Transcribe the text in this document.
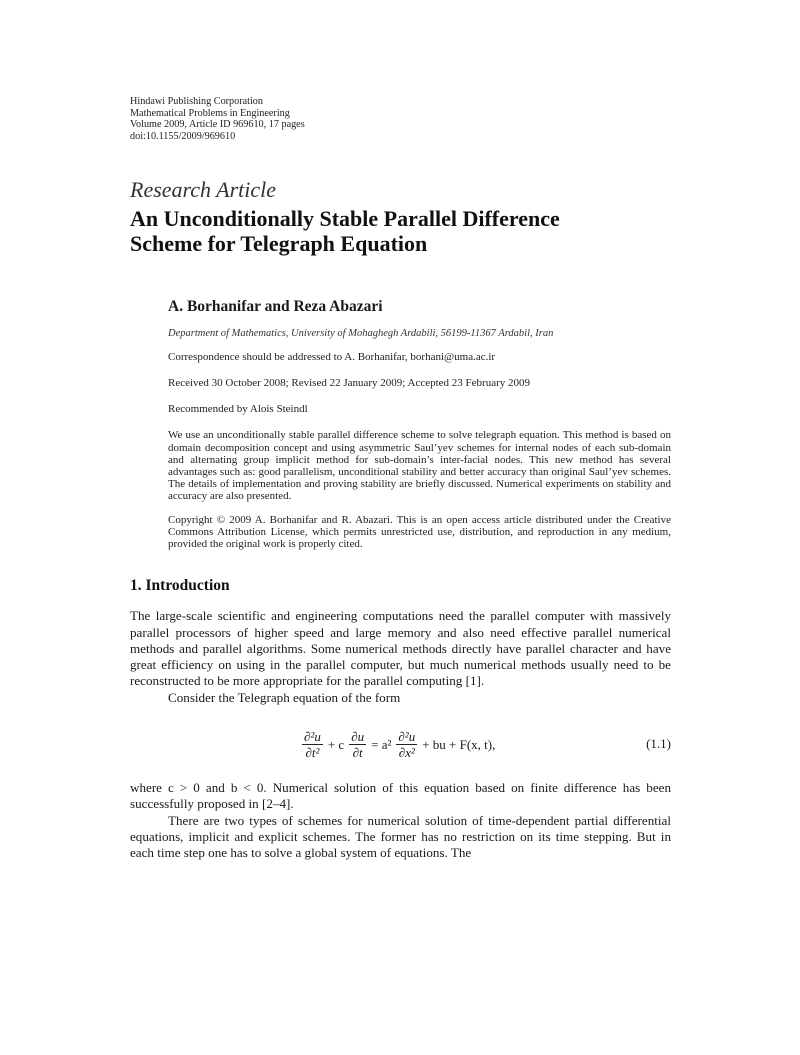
Hindawi Publishing Corporation
Mathematical Problems in Engineering
Volume 2009, Article ID 969610, 17 pages
doi:10.1155/2009/969610
Research Article
An Unconditionally Stable Parallel Difference
Scheme for Telegraph Equation
A. Borhanifar and Reza Abazari
Department of Mathematics, University of Mohaghegh Ardabili, 56199-11367 Ardabil, Iran
Correspondence should be addressed to A. Borhanifar, borhani@uma.ac.ir
Received 30 October 2008; Revised 22 January 2009; Accepted 23 February 2009
Recommended by Alois Steindl
We use an unconditionally stable parallel difference scheme to solve telegraph equation. This method is based on domain decomposition concept and using asymmetric Saul’yev schemes for internal nodes of each sub-domain and alternating group implicit method for sub-domain’s inter-facial nodes. This new method has several advantages such as: good parallelism, unconditional stability and better accuracy than original Saul’yev schemes. The details of implementation and proving stability are briefly discussed. Numerical experiments on stability and accuracy are also presented.
Copyright © 2009 A. Borhanifar and R. Abazari. This is an open access article distributed under the Creative Commons Attribution License, which permits unrestricted use, distribution, and reproduction in any medium, provided the original work is properly cited.
1. Introduction
The large-scale scientific and engineering computations need the parallel computer with massively parallel processors of higher speed and large memory and also need effective parallel numerical methods and parallel algorithms. Some numerical methods directly have parallel character and have great efficiency on using in the parallel computer, but much numerical methods usually need to be reconstructed to be more appropriate for the parallel computing [1].
Consider the Telegraph equation of the form
$\frac{\text{∂²u}}{\text{∂t²}} + c \frac{\partial u}{\partial t} = a^2 \frac{\text{∂²u}}{\text{∂x²}}$ + bu + F(x, t),	(1.1)
where c > 0 and b < 0. Numerical solution of this equation based on finite difference has been successfully proposed in [2–4].
There are two types of schemes for numerical solution of time-dependent partial differential equations, implicit and explicit schemes. The former has no restriction on its time stepping. But in each time step one has to solve a global system of equations. The
